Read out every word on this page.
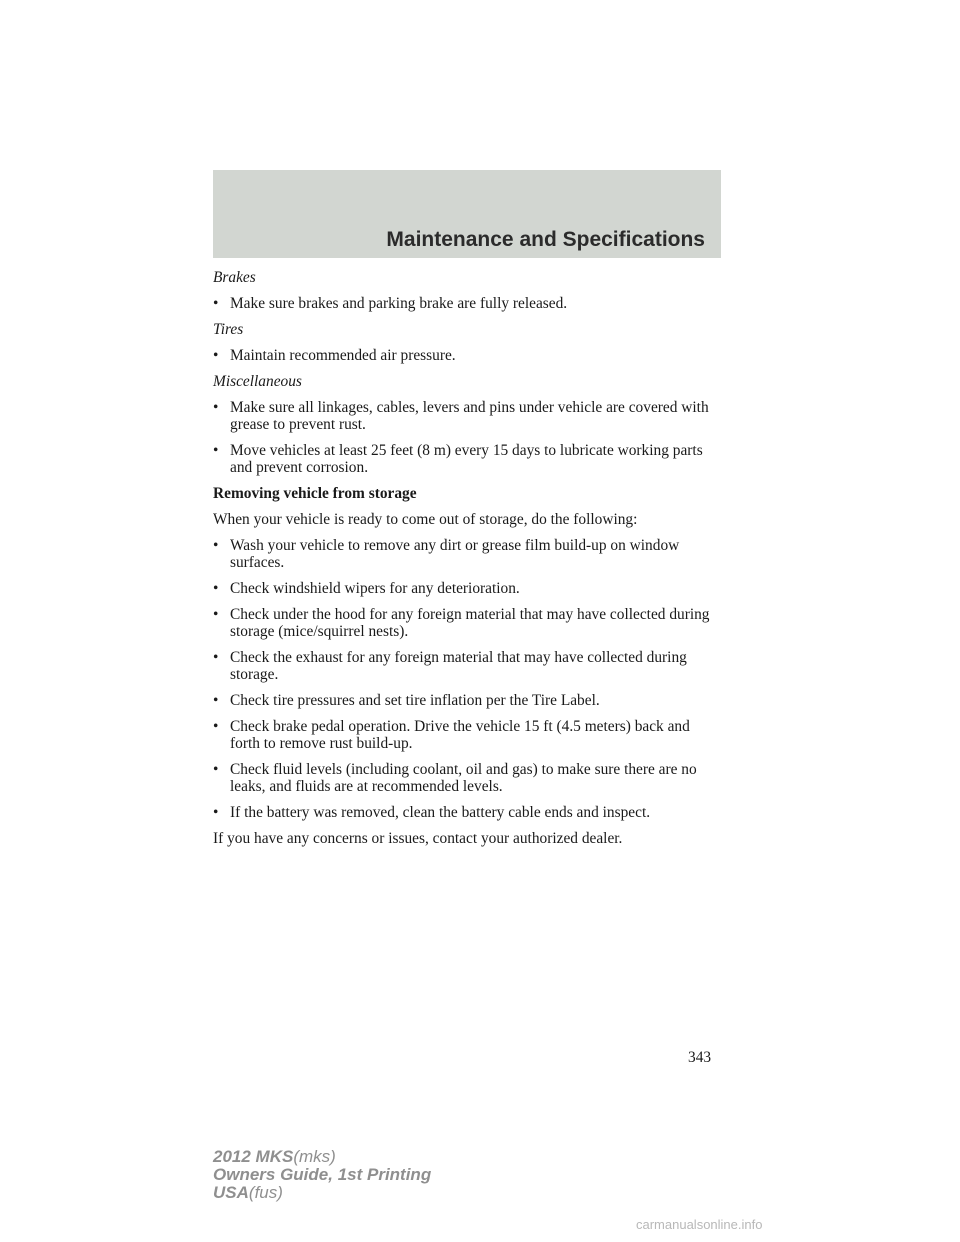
Maintenance and Specifications
Brakes
• Make sure brakes and parking brake are fully released.
Tires
• Maintain recommended air pressure.
Miscellaneous
• Make sure all linkages, cables, levers and pins under vehicle are covered with grease to prevent rust.
• Move vehicles at least 25 feet (8 m) every 15 days to lubricate working parts and prevent corrosion.
Removing vehicle from storage
When your vehicle is ready to come out of storage, do the following:
• Wash your vehicle to remove any dirt or grease film build-up on window surfaces.
• Check windshield wipers for any deterioration.
• Check under the hood for any foreign material that may have collected during storage (mice/squirrel nests).
• Check the exhaust for any foreign material that may have collected during storage.
• Check tire pressures and set tire inflation per the Tire Label.
• Check brake pedal operation. Drive the vehicle 15 ft (4.5 meters) back and forth to remove rust build-up.
• Check fluid levels (including coolant, oil and gas) to make sure there are no leaks, and fluids are at recommended levels.
• If the battery was removed, clean the battery cable ends and inspect.
If you have any concerns or issues, contact your authorized dealer.
343
2012 MKS(mks)
Owners Guide, 1st Printing
USA(fus)
carmanualsonline.info
